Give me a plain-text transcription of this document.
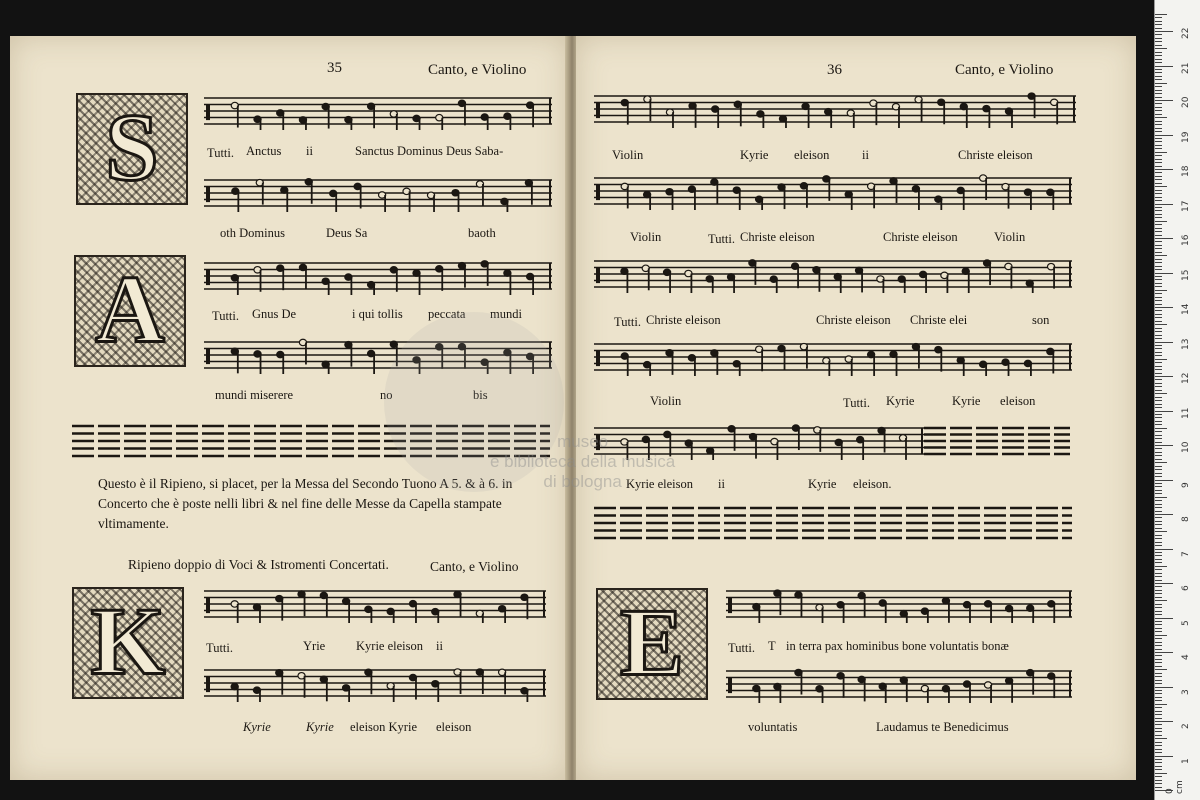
35	Canto, e Violino	36	Canto, e Violino
S
A
K	E
Tutti. Anctus ii	Sanctus Dominus Deus Saba-
oth Dominus	Deus Sa	baoth
Tutti. Gnus De	i qui tollis peccata mundi
mundi miserere	no	bis
Questo è il Ripieno, si placet, per la Messa del Secondo Tuono A 5. & à 6. in
Concerto che è poste nelli libri & nel fine delle Messe da Capella stampate
vltimamente.
Ripieno doppio di Voci & Istromenti Concertati.	Canto, e Violino
Tutti.	Yrie Kyrie eleison ii
Kyrie	Kyrie eleison Kyrie eleison
Violin	Kyrie eleison	ii	Christe eleison
Violin	Tutti. Christe eleison	Christe eleison	Violin
Tutti. Christe eleison	Christe eleison Christe elei	son
Violin	Tutti. Kyrie	Kyrie eleison
Kyrie eleison ii	Kyrie eleison.
Tutti. T in terra pax hominibus bone voluntatis bonæ
voluntatis	Laudamus te Benedicimus
museo
e biblioteca della musica
di bologna
22
21
20
19
18
17
16
15
14
13
12
11
10
9
8
7
6
5
4
3
2
1
0 cm
